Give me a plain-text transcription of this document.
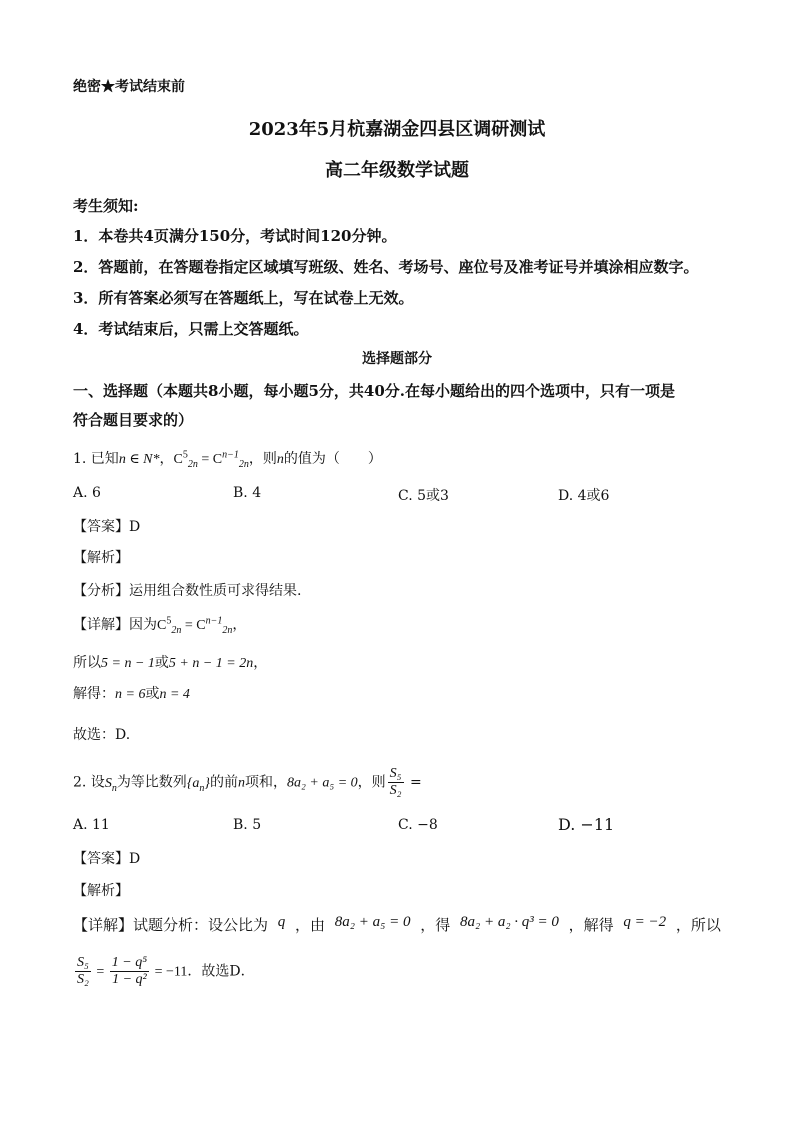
绝密★考试结束前
2023年5月杭嘉湖金四县区调研测试
高二年级数学试题
考生须知:
1．本卷共4页满分150分，考试时间120分钟。
2．答题前，在答题卷指定区域填写班级、姓名、考场号、座位号及准考证号并填涂相应数字。
3．所有答案必须写在答题纸上，写在试卷上无效。
4．考试结束后，只需上交答题纸。
选择题部分
一、选择题（本题共8小题，每小题5分，共40分.在每小题给出的四个选项中，只有一项是
符合题目要求的）
1. 已知n ∈ N*，$C^5_{2n} = C^{n-1}_{2n}$，则n的值为（　　）
A. 6	B. 4	C. 5或3	D. 4或6
【答案】D
【解析】
【分析】运用组合数性质可求得结果.
【详解】因为$C^5_{2n} = C^{n-1}_{2n}$，
所以5 = n − 1或5 + n − 1 = 2n，
解得：n = 6或n = 4
故选：D.
2. 设$S_n$为等比数列$\{a_n\}$的前n项和，8a₂ + a₅ = 0，则 $\frac{\text{S₅}}{\text{S₂}}$ =
A. 11	B. 5	C. −8	D. −11
【答案】D
【解析】
【详解】试题分析：设公比为 q ，由 8a₂ + a₅ = 0 ，得 8a₂ + a₂ · q³ = 0 ，解得 q = −2 ，所以
$\frac{\text{S₅}}{\text{S₂}} = \frac{\text{1 − q⁵}}{\text{1 − q²}} = -11$．故选D．
